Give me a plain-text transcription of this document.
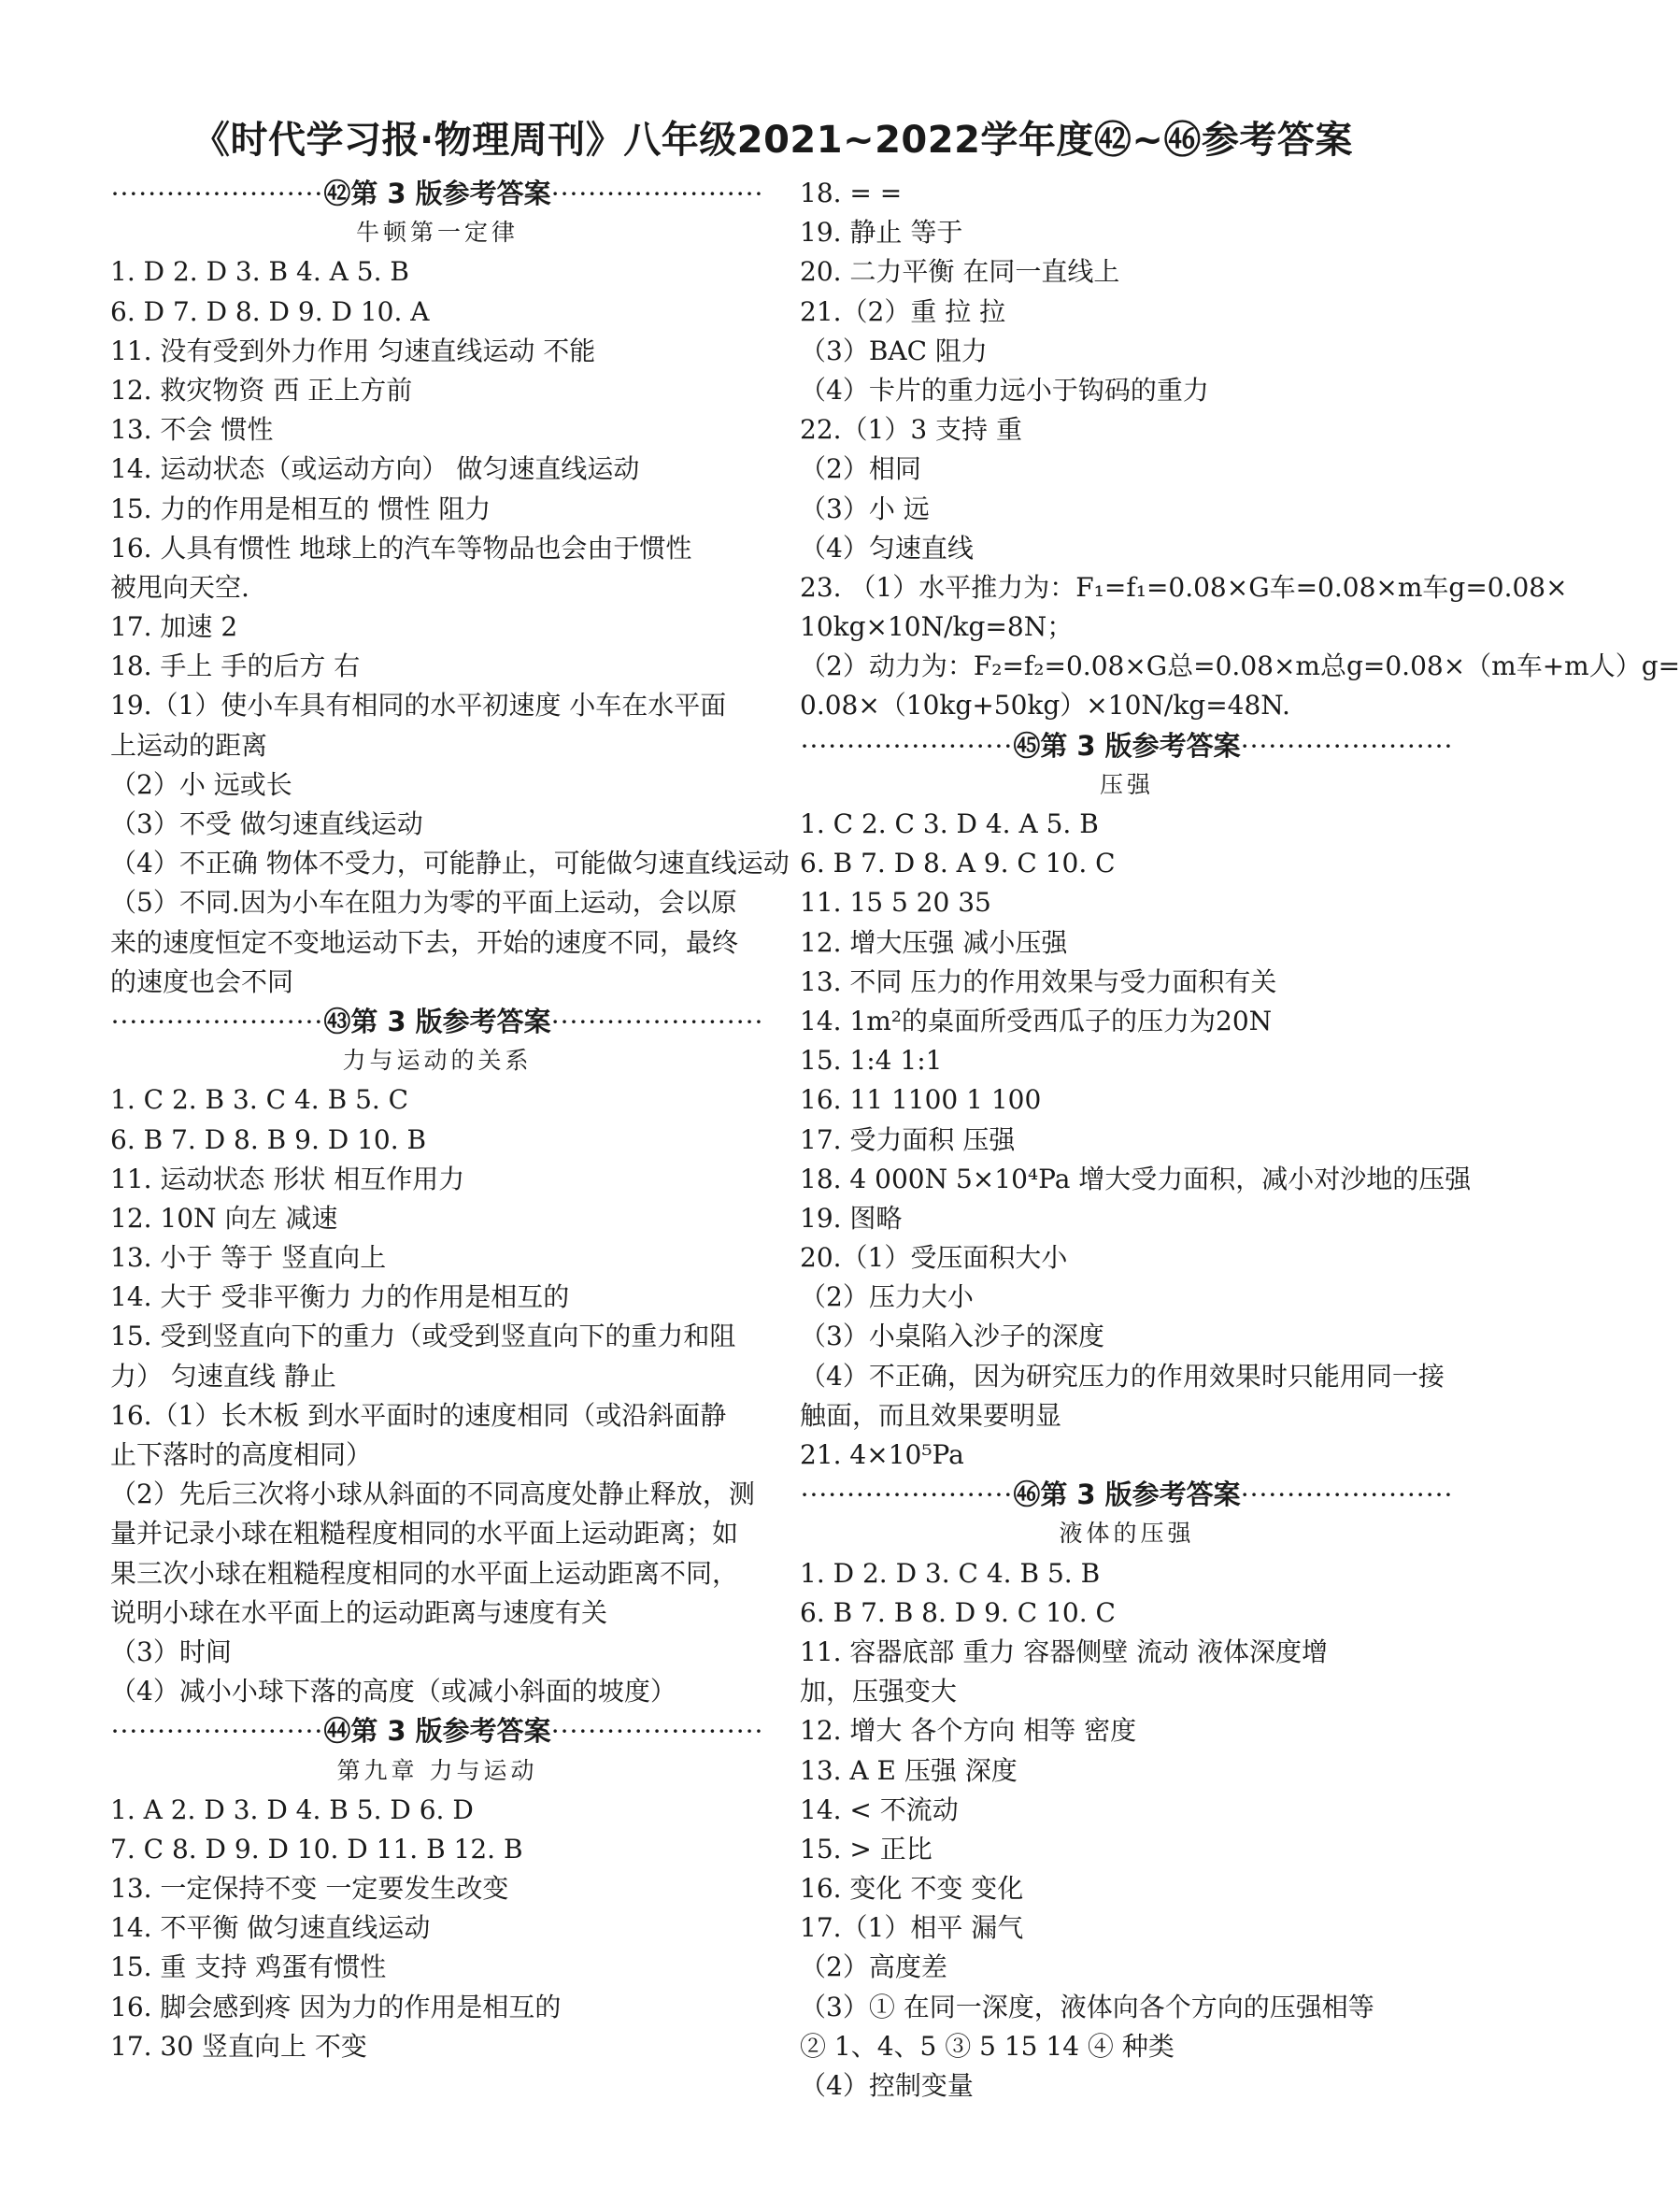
《时代学习报·物理周刊》八年级2021~2022学年度㊷~㊻参考答案
·······················㊷第 3 版参考答案·······················
牛顿第一定律
1. D 2. D 3. B 4. A 5. B
6. D 7. D 8. D 9. D 10. A
11. 没有受到外力作用 匀速直线运动 不能
12. 救灾物资 西 正上方前
13. 不会 惯性
14. 运动状态（或运动方向） 做匀速直线运动
15. 力的作用是相互的 惯性 阻力
16. 人具有惯性 地球上的汽车等物品也会由于惯性
被甩向天空.
17. 加速 2
18. 手上 手的后方 右
19.（1）使小车具有相同的水平初速度 小车在水平面
上运动的距离
（2）小 远或长
（3）不受 做匀速直线运动
（4）不正确 物体不受力，可能静止，可能做匀速直线运动
（5）不同.因为小车在阻力为零的平面上运动，会以原
来的速度恒定不变地运动下去，开始的速度不同，最终
的速度也会不同
·······················㊸第 3 版参考答案·······················
力与运动的关系
1. C 2. B 3. C 4. B 5. C
6. B 7. D 8. B 9. D 10. B
11. 运动状态 形状 相互作用力
12. 10N 向左 减速
13. 小于 等于 竖直向上
14. 大于 受非平衡力 力的作用是相互的
15. 受到竖直向下的重力（或受到竖直向下的重力和阻
力） 匀速直线 静止
16.（1）长木板 到水平面时的速度相同（或沿斜面静
止下落时的高度相同）
（2）先后三次将小球从斜面的不同高度处静止释放，测
量并记录小球在粗糙程度相同的水平面上运动距离；如
果三次小球在粗糙程度相同的水平面上运动距离不同，
说明小球在水平面上的运动距离与速度有关
（3）时间
（4）减小小球下落的高度（或减小斜面的坡度）
·······················㊹第 3 版参考答案·······················
第九章 力与运动
1. A 2. D 3. D 4. B 5. D 6. D
7. C 8. D 9. D 10. D 11. B 12. B
13. 一定保持不变 一定要发生改变
14. 不平衡 做匀速直线运动
15. 重 支持 鸡蛋有惯性
16. 脚会感到疼 因为力的作用是相互的
17. 30 竖直向上 不变
18. = =
19. 静止 等于
20. 二力平衡 在同一直线上
21.（2）重 拉 拉
（3）BAC 阻力
（4）卡片的重力远小于钩码的重力
22.（1）3 支持 重
（2）相同
（3）小 远
（4）匀速直线
23. （1）水平推力为：F₁=f₁=0.08×G车=0.08×m车g=0.08×
10kg×10N/kg=8N；
（2）动力为：F₂=f₂=0.08×G总=0.08×m总g=0.08×（m车+m人）g=
0.08×（10kg+50kg）×10N/kg=48N.
·······················㊺第 3 版参考答案·······················
压强
1. C 2. C 3. D 4. A 5. B
6. B 7. D 8. A 9. C 10. C
11. 15 5 20 35
12. 增大压强 减小压强
13. 不同 压力的作用效果与受力面积有关
14. 1m²的桌面所受西瓜子的压力为20N
15. 1:4 1:1
16. 11 1100 1 100
17. 受力面积 压强
18. 4 000N 5×10⁴Pa 增大受力面积，减小对沙地的压强
19. 图略
20.（1）受压面积大小
（2）压力大小
（3）小桌陷入沙子的深度
（4）不正确，因为研究压力的作用效果时只能用同一接
触面，而且效果要明显
21. 4×10⁵Pa
·······················㊻第 3 版参考答案·······················
液体的压强
1. D 2. D 3. C 4. B 5. B
6. B 7. B 8. D 9. C 10. C
11. 容器底部 重力 容器侧壁 流动 液体深度增
加，压强变大
12. 增大 各个方向 相等 密度
13. A E 压强 深度
14. < 不流动
15. > 正比
16. 变化 不变 变化
17.（1）相平 漏气
（2）高度差
（3）① 在同一深度，液体向各个方向的压强相等
② 1、4、5 ③ 5 15 14 ④ 种类
（4）控制变量
